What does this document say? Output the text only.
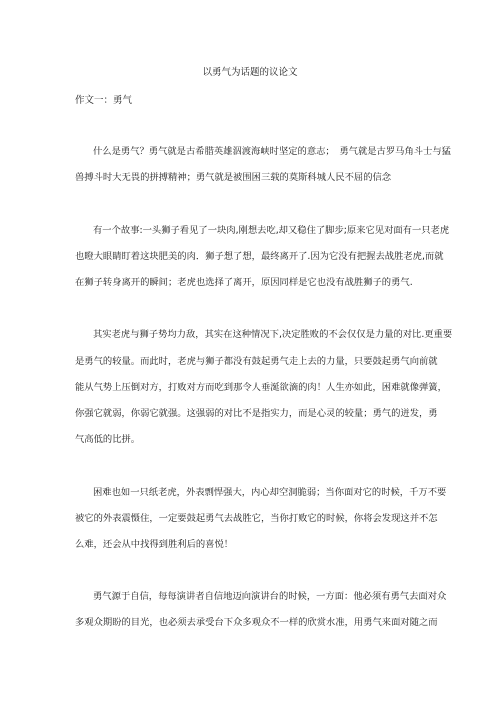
以勇气为话题的议论文
作文一：勇气
什么是勇气？勇气就是古希腊英雄泅渡海峡时坚定的意志；　勇气就是古罗马角斗士与猛
兽搏斗时大无畏的拼搏精神；勇气就是被围困三载的莫斯科城人民不屈的信念
有一个故事:一头狮子看见了一块肉,刚想去吃,却又稳住了脚步;原来它见对面有一只老虎
也瞪大眼睛盯着这块肥美的肉．狮子想了想，最终离开了.因为它没有把握去战胜老虎,而就
在狮子转身离开的瞬间；老虎也选择了离开，原因同样是它也没有战胜狮子的勇气.
其实老虎与狮子势均力敌，其实在这种情况下,决定胜败的不会仅仅是力量的对比.更重要
是勇气的较量。而此时，老虎与狮子都没有鼓起勇气走上去的力量，只要鼓起勇气向前就
能从气势上压倒对方，打败对方而吃到那令人垂涎欲滴的肉！人生亦如此，困难就像弹簧，
你强它就弱，你弱它就强。这强弱的对比不是指实力，而是心灵的较量；勇气的迸发，勇
气高低的比拼。
困难也如一只纸老虎，外表剽悍强大，内心却空洞脆弱；当你面对它的时候，千万不要
被它的外表震慑住，一定要鼓起勇气去战胜它，当你打败它的时候，你将会发现这并不怎
么难，还会从中找得到胜利后的喜悦！
勇气源于自信，每每演讲者自信地迈向演讲台的时候，一方面：他必须有勇气去面对众
多观众期盼的目光，也必须去承受台下众多观众不一样的欣赏水准，用勇气来面对随之而
